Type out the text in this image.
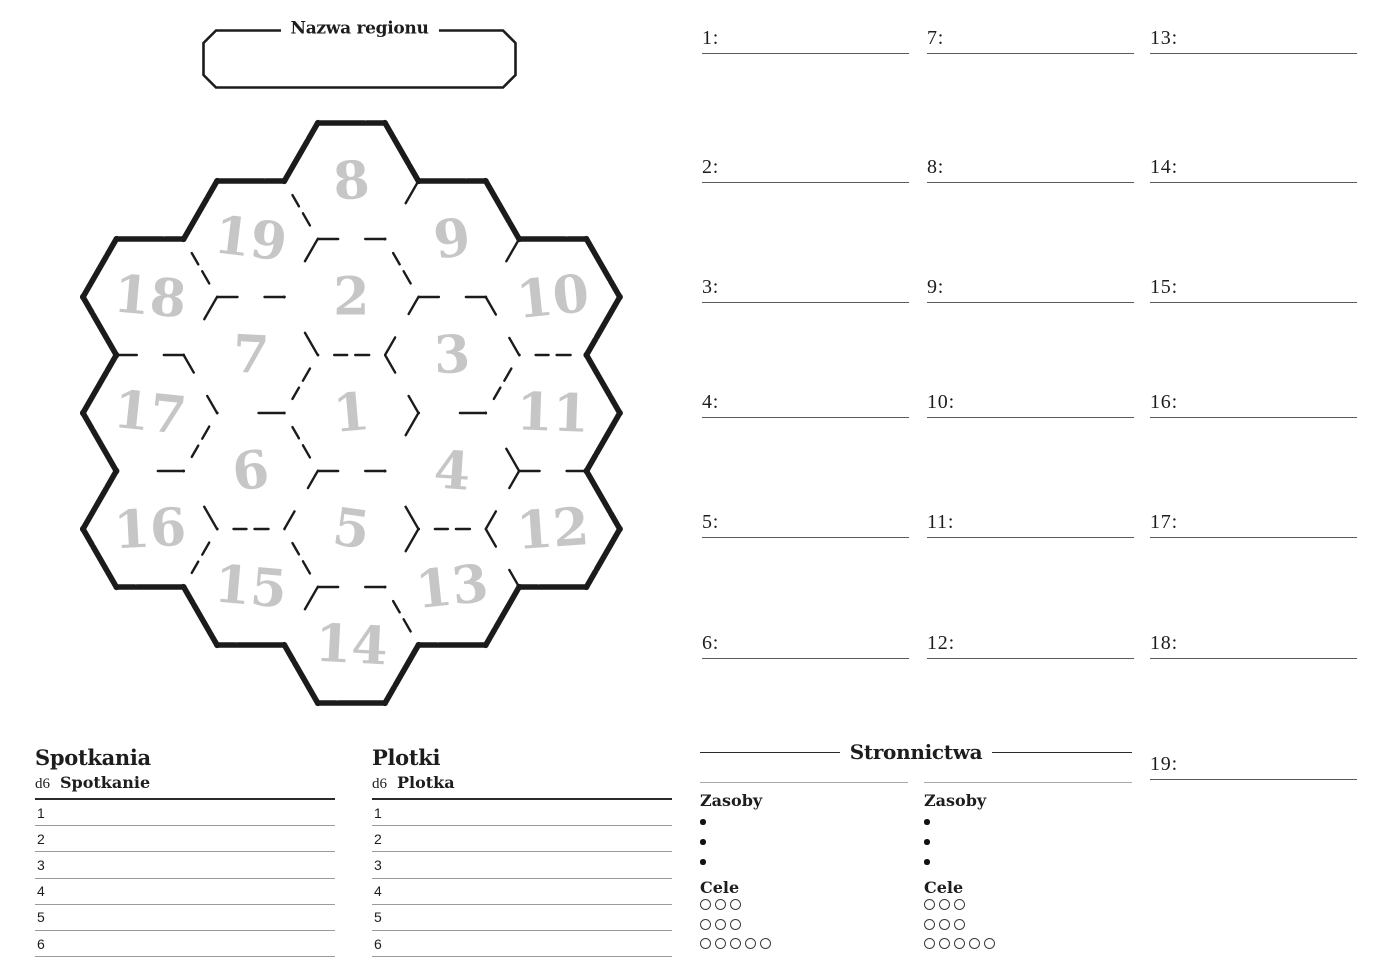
Nazwa regionu
8
19	9
18	2	10
7	3
17	1	11
6	4
16	5	12
15 13
14
1:
2:
3:
4:
5:
6:
7:
8:
9:
10:
11:
12:
13:
14:
15:
16:
17:
18:
19:
Spotkania
d6 Spotkanie
1
2
3
4
5
6
Plotki
d6 Plotka
1
2
3
4
5
6
Stronnictwa
Zasoby
Cele
Zasoby
Cele
